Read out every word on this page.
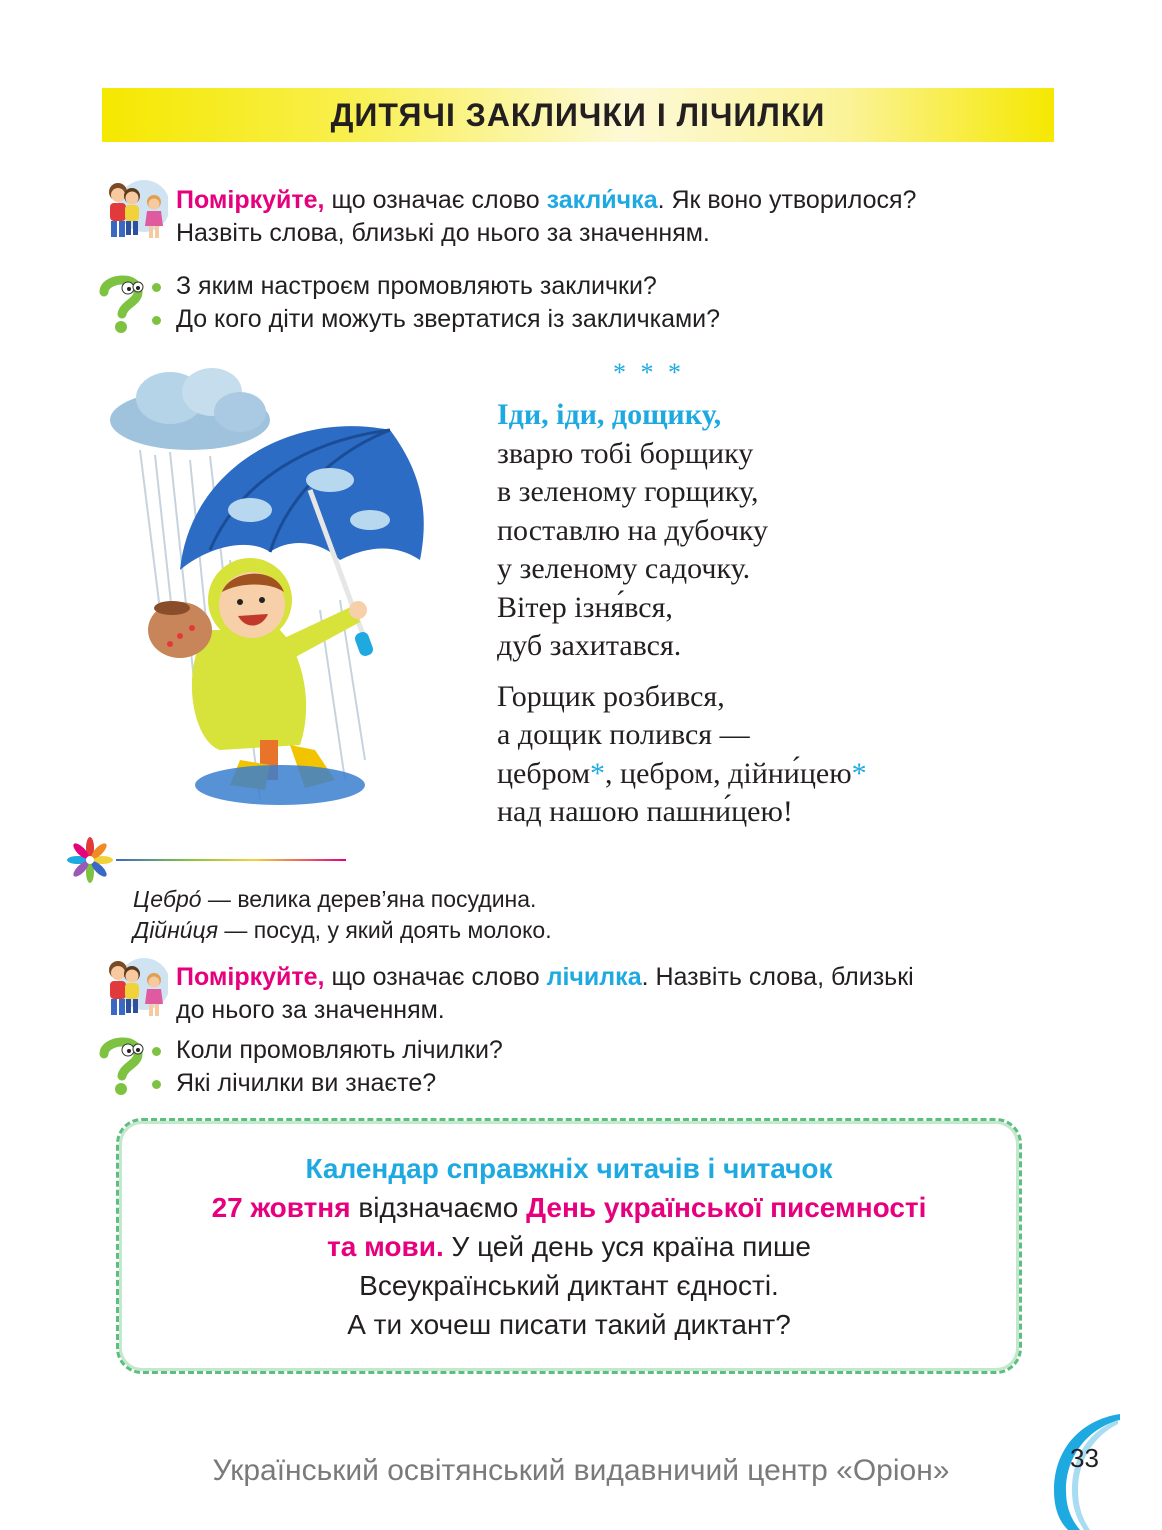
ДИТЯЧІ ЗАКЛИЧКИ І ЛІЧИЛКИ
Поміркуйте, що означає слово закли́чка. Як воно утворилося?
Назвіть слова, близькі до нього за значенням.
З яким настроєм промовляють заклички?
До кого діти можуть звертатися із закличками?
* * *
Іди, іди, дощику,
зварю тобі борщику
в зеленому горщику,
поставлю на дубочку
у зеленому садочку.
Вітер ізня́вся,
дуб захитався.
Горщик розбився,
а дощик полився —
цебром*, цебром, дійни́цею*
над нашою пашни́цею!
Цебро́ — велика дерев’яна посудина.
Дійни́ця — посуд, у який доять молоко.
Поміркуйте, що означає слово лічилка. Назвіть слова, близькі
до нього за значенням.
Коли промовляють лічилки?
Які лічилки ви знаєте?
Календар справжніх читачів і читачок
27 жовтня відзначаємо День української писемності
та мови. У цей день уся країна пише
Всеукраїнський диктант єдності.
А ти хочеш писати такий диктант?
Український освітянський видавничий центр «Оріон»	33
